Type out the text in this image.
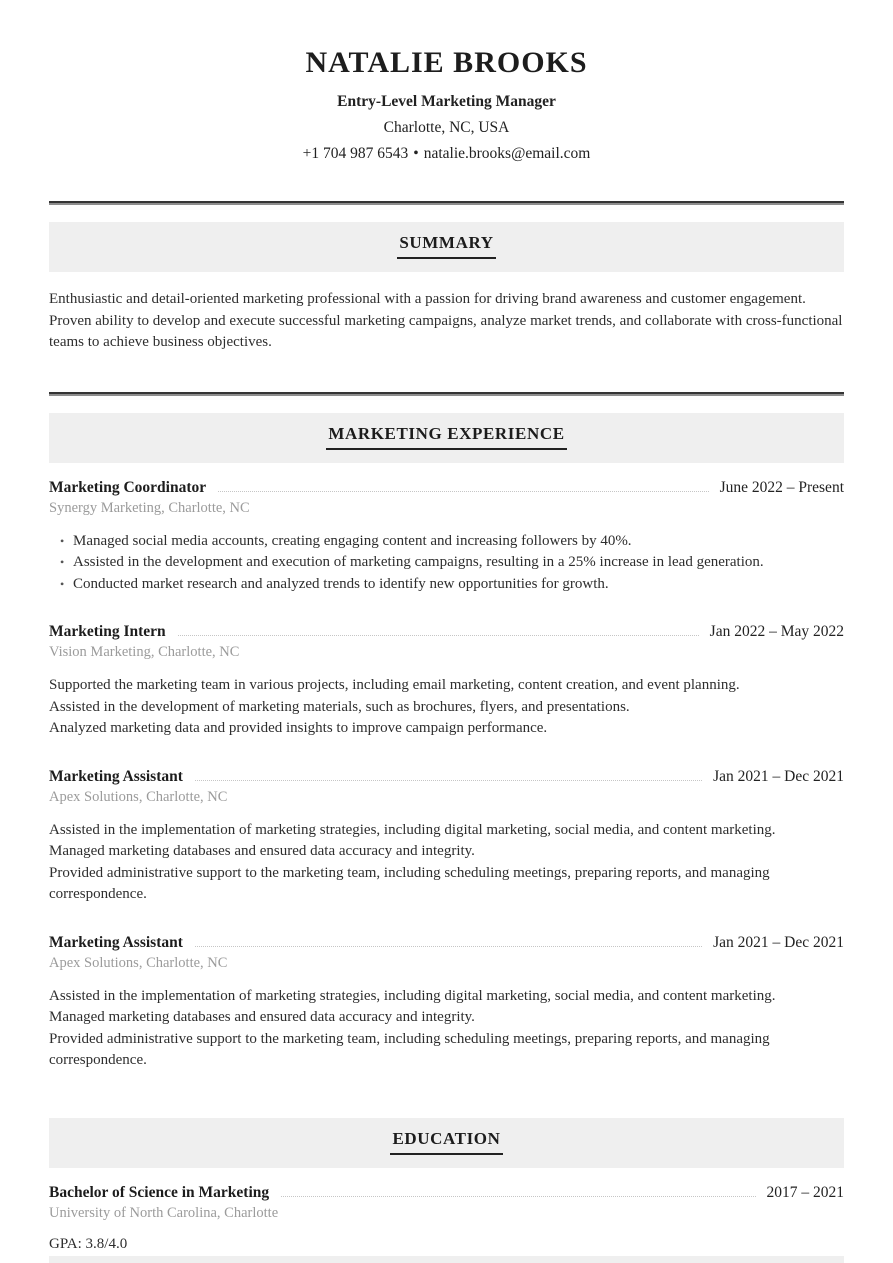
NATALIE BROOKS
Entry-Level Marketing Manager
Charlotte, NC, USA
+1 704 987 6543 • natalie.brooks@email.com
SUMMARY

Enthusiastic and detail-oriented marketing professional with a passion for driving brand awareness and customer engagement. Proven ability to develop and execute successful marketing campaigns, analyze market trends, and collaborate with cross-functional teams to achieve business objectives.

MARKETING EXPERIENCE
Marketing Coordinator	June 2022 – Present
Synergy Marketing, Charlotte, NC
• Managed social media accounts, creating engaging content and increasing followers by 40%.
• Assisted in the development and execution of marketing campaigns, resulting in a 25% increase in lead generation.
• Conducted market research and analyzed trends to identify new opportunities for growth.
Marketing Intern	Jan 2022 – May 2022
Vision Marketing, Charlotte, NC
Supported the marketing team in various projects, including email marketing, content creation, and event planning.
Assisted in the development of marketing materials, such as brochures, flyers, and presentations.
Analyzed marketing data and provided insights to improve campaign performance.
Marketing Assistant	Jan 2021 – Dec 2021
Apex Solutions, Charlotte, NC
Assisted in the implementation of marketing strategies, including digital marketing, social media, and content marketing.
Managed marketing databases and ensured data accuracy and integrity.
Provided administrative support to the marketing team, including scheduling meetings, preparing reports, and managing correspondence.
Marketing Assistant	Jan 2021 – Dec 2021
Apex Solutions, Charlotte, NC
Assisted in the implementation of marketing strategies, including digital marketing, social media, and content marketing.
Managed marketing databases and ensured data accuracy and integrity.
Provided administrative support to the marketing team, including scheduling meetings, preparing reports, and managing correspondence.
EDUCATION
Bachelor of Science in Marketing	2017 – 2021
University of North Carolina, Charlotte
GPA: 3.8/4.0
